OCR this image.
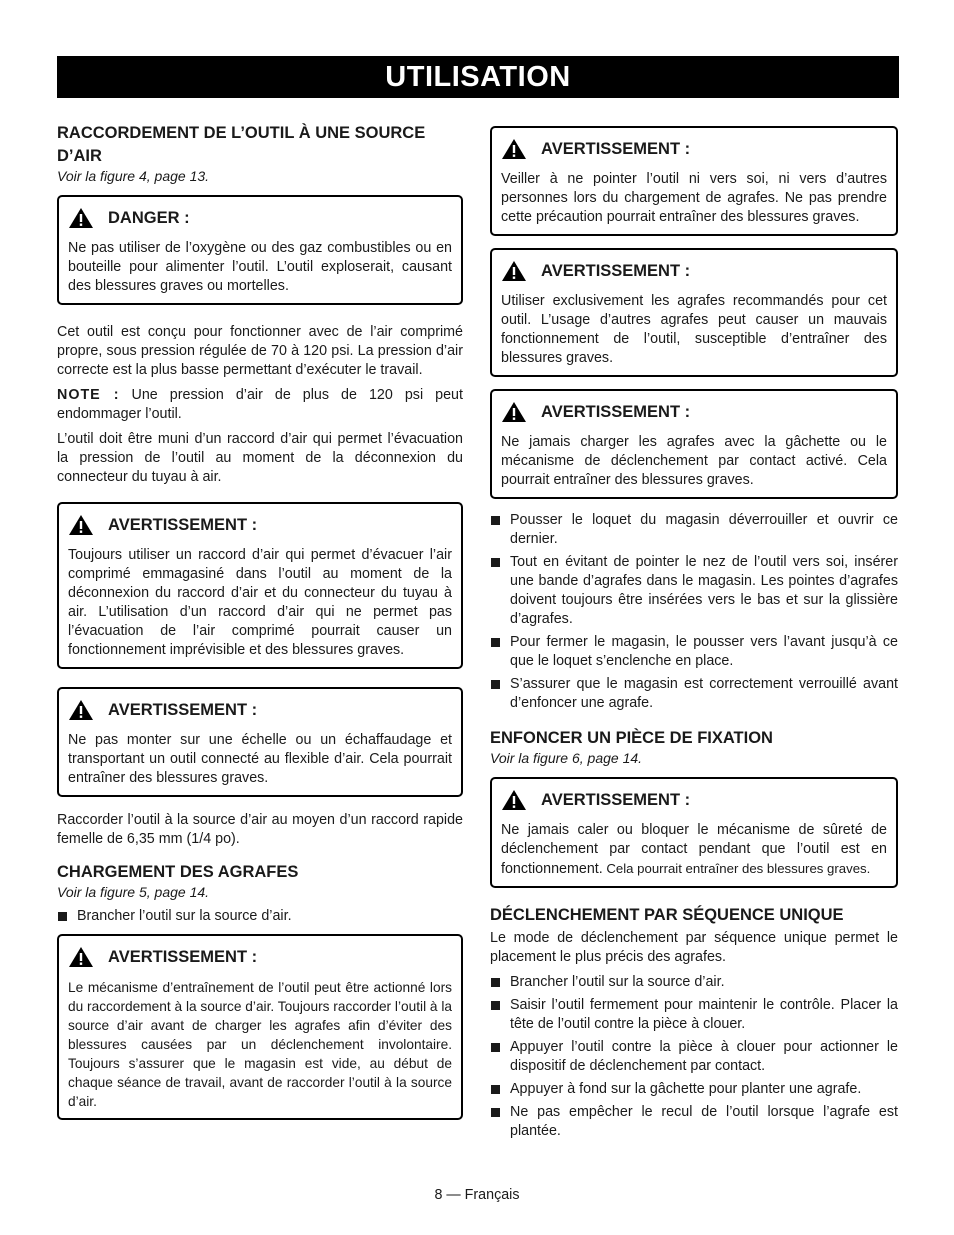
UTILISATION
RACCORDEMENT DE L’OUTIL À UNE SOURCE D’AIR
Voir la figure 4, page 13.
DANGER :

Ne pas utiliser de l’oxygène ou des gaz combustibles ou en bouteille pour alimenter l’outil. L’outil exploserait, causant des blessures graves ou mortelles.

Cet outil est conçu pour fonctionner avec de l’air comprimé propre, sous pression régulée de 70 à 120 psi. La pression d’air correcte est la plus basse permettant d’exécuter le travail.

NOTE : Une pression d’air de plus de 120 psi peut endommager l’outil.

L’outil doit être muni d’un raccord d’air qui permet l’évacuation la pression de l’outil au moment de la déconnexion du connecteur du tuyau à air.

AVERTISSEMENT :

Toujours utiliser un raccord d’air qui permet d’évacuer l’air comprimé emmagasiné dans l’outil au moment de la déconnexion du raccord d’air et du connecteur du tuyau à air. L’utilisation d’un raccord d’air qui ne permet pas l’évacuation de l’air comprimé pourrait causer un fonctionnement imprévisible et des blessures graves.

AVERTISSEMENT :

Ne pas monter sur une échelle ou un échaffaudage et transportant un outil connecté au flexible d’air. Cela pourrait entraîner des blessures graves.

Raccorder l’outil à la source d’air au moyen d’un raccord rapide femelle de 6,35 mm (1/4 po).

CHARGEMENT DES AGRAFES
Voir la figure 5, page 14.
Brancher l’outil sur la source d’air.
AVERTISSEMENT :

Le mécanisme d’entraînement de l’outil peut être actionné lors du raccordement à la source d’air. Toujours raccorder l’outil à la source d’air avant de charger les agrafes afin d’éviter des blessures causées par un déclenchement involontaire. Toujours s’assurer que le magasin est vide, au début de chaque séance de travail, avant de raccorder l’outil à la source d’air.

AVERTISSEMENT :

Veiller à ne pointer l’outil ni vers soi, ni vers d’autres personnes lors du chargement de agrafes. Ne pas prendre cette précaution pourrait entraîner des blessures graves.

AVERTISSEMENT :

Utiliser exclusivement les agrafes recommandés pour cet outil. L’usage d’autres agrafes peut causer un mauvais fonctionnement de l’outil, susceptible d’entraîner des blessures graves.

AVERTISSEMENT :

Ne jamais charger les agrafes avec la gâchette ou le mécanisme de déclenchement par contact activé. Cela pourrait entraîner des blessures graves.

Pousser le loquet du magasin déverrouiller et ouvrir ce dernier.
Tout en évitant de pointer le nez de l’outil vers soi, insérer une bande d’agrafes dans le magasin. Les pointes d’agrafes doivent toujours être insérées vers le bas et sur la glissière d’agrafes.
Pour fermer le magasin, le pousser vers l’avant jusqu’à ce que le loquet s’enclenche en place.
S’assurer que le magasin est correctement verrouillé avant d’enfoncer une agrafe.
ENFONCER UN PIÈCE DE FIXATION
Voir la figure 6, page 14.
AVERTISSEMENT :

Ne jamais caler ou bloquer le mécanisme de sûreté de déclenchement par contact pendant que l’outil est en fonctionnement. Cela pourrait entraîner des blessures graves.

DÉCLENCHEMENT PAR SÉQUENCE UNIQUE

Le mode de déclenchement par séquence unique permet le placement le plus précis des agrafes.

Brancher l’outil sur la source d’air.
Saisir l’outil fermement pour maintenir le contrôle. Placer la tête de l’outil contre la pièce à clouer.
Appuyer l’outil contre la pièce à clouer pour actionner le dispositif de déclenchement par contact.
Appuyer à fond sur la gâchette pour planter une agrafe.
Ne pas empêcher le recul de l’outil lorsque l’agrafe est plantée.
8 — Français
